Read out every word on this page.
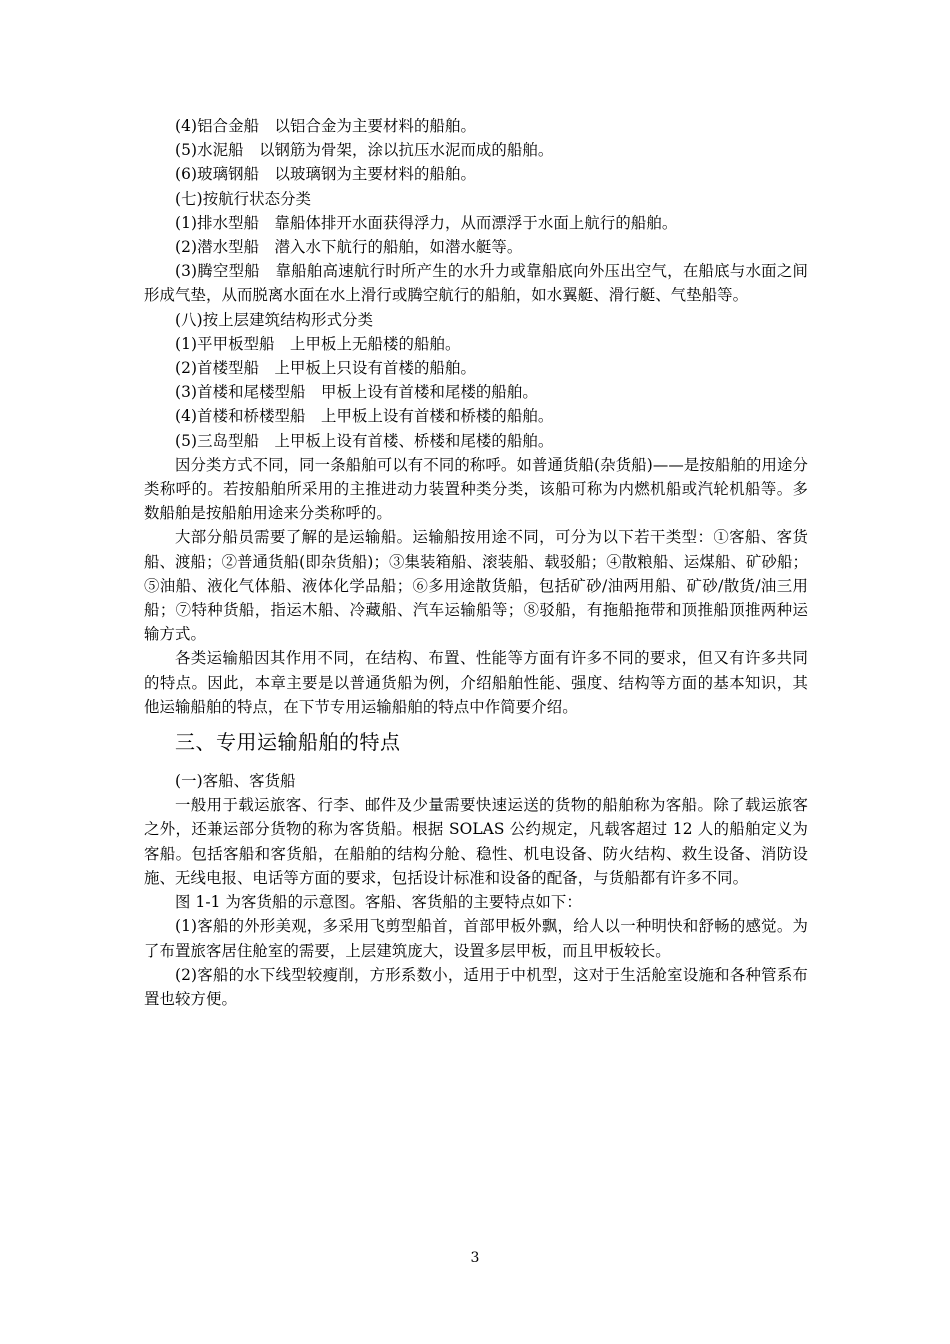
(4)铝合金船　以铝合金为主要材料的船舶。

(5)水泥船　以钢筋为骨架，涂以抗压水泥而成的船舶。

(6)玻璃钢船　以玻璃钢为主要材料的船舶。

(七)按航行状态分类

(1)排水型船　靠船体排开水面获得浮力，从而漂浮于水面上航行的船舶。

(2)潜水型船　潜入水下航行的船舶，如潜水艇等。

(3)腾空型船　靠船舶高速航行时所产生的水升力或靠船底向外压出空气，在船底与水面之间形成气垫，从而脱离水面在水上滑行或腾空航行的船舶，如水翼艇、滑行艇、气垫船等。

(八)按上层建筑结构形式分类

(1)平甲板型船　上甲板上无船楼的船舶。

(2)首楼型船　上甲板上只设有首楼的船舶。

(3)首楼和尾楼型船　甲板上设有首楼和尾楼的船舶。

(4)首楼和桥楼型船　上甲板上设有首楼和桥楼的船舶。

(5)三岛型船　上甲板上设有首楼、桥楼和尾楼的船舶。

因分类方式不同，同一条船舶可以有不同的称呼。如普通货船(杂货船)——是按船舶的用途分类称呼的。若按船舶所采用的主推进动力装置种类分类，该船可称为内燃机船或汽轮机船等。多数船舶是按船舶用途来分类称呼的。

大部分船员需要了解的是运输船。运输船按用途不同，可分为以下若干类型：①客船、客货船、渡船；②普通货船(即杂货船)；③集装箱船、滚装船、载驳船；④散粮船、运煤船、矿砂船；⑤油船、液化气体船、液体化学品船；⑥多用途散货船，包括矿砂/油两用船、矿砂/散货/油三用船；⑦特种货船，指运木船、冷藏船、汽车运输船等；⑧驳船，有拖船拖带和顶推船顶推两种运输方式。

各类运输船因其作用不同，在结构、布置、性能等方面有许多不同的要求，但又有许多共同的特点。因此，本章主要是以普通货船为例，介绍船舶性能、强度、结构等方面的基本知识，其他运输船舶的特点，在下节专用运输船舶的特点中作简要介绍。

三、专用运输船舶的特点

(一)客船、客货船

一般用于载运旅客、行李、邮件及少量需要快速运送的货物的船舶称为客船。除了载运旅客之外，还兼运部分货物的称为客货船。根据 SOLAS 公约规定，凡载客超过 12 人的船舶定义为客船。包括客船和客货船，在船舶的结构分舱、稳性、机电设备、防火结构、救生设备、消防设施、无线电报、电话等方面的要求，包括设计标准和设备的配备，与货船都有许多不同。

图 1-1 为客货船的示意图。客船、客货船的主要特点如下：

(1)客船的外形美观，多采用飞剪型船首，首部甲板外飘，给人以一种明快和舒畅的感觉。为了布置旅客居住舱室的需要，上层建筑庞大，设置多层甲板，而且甲板较长。

(2)客船的水下线型较瘦削，方形系数小，适用于中机型，这对于生活舱室设施和各种管系布置也较方便。

3
